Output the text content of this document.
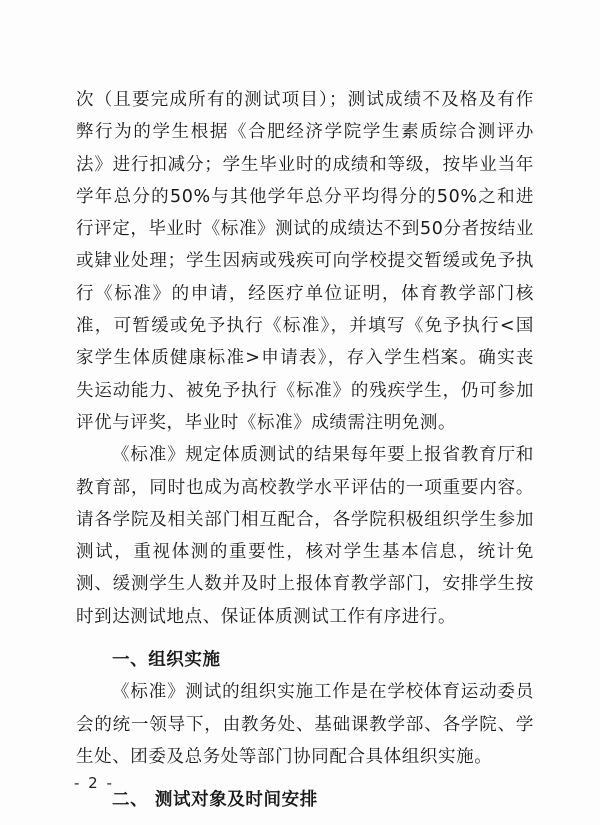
次（且要完成所有的测试项目）；测试成绩不及格及有作弊行为的学生根据《合肥经济学院学生素质综合测评办法》进行扣减分；学生毕业时的成绩和等级，按毕业当年学年总分的50%与其他学年总分平均得分的50%之和进行评定，毕业时《标准》测试的成绩达不到50分者按结业或肄业处理；学生因病或残疾可向学校提交暂缓或免予执行《标准》的申请，经医疗单位证明，体育教学部门核准，可暂缓或免予执行《标准》，并填写《免予执行<国家学生体质健康标准>申请表》，存入学生档案。确实丧失运动能力、被免予执行《标准》的残疾学生，仍可参加评优与评奖，毕业时《标准》成绩需注明免测。

《标准》规定体质测试的结果每年要上报省教育厅和教育部，同时也成为高校教学水平评估的一项重要内容。请各学院及相关部门相互配合，各学院积极组织学生参加测试，重视体测的重要性，核对学生基本信息，统计免测、缓测学生人数并及时上报体育教学部门，安排学生按时到达测试地点、保证体质测试工作有序进行。

一、组织实施

《标准》测试的组织实施工作是在学校体育运动委员会的统一领导下，由教务处、基础课教学部、各学院、学生处、团委及总务处等部门协同配合具体组织实施。

二、 测试对象及时间安排

- 2 -
